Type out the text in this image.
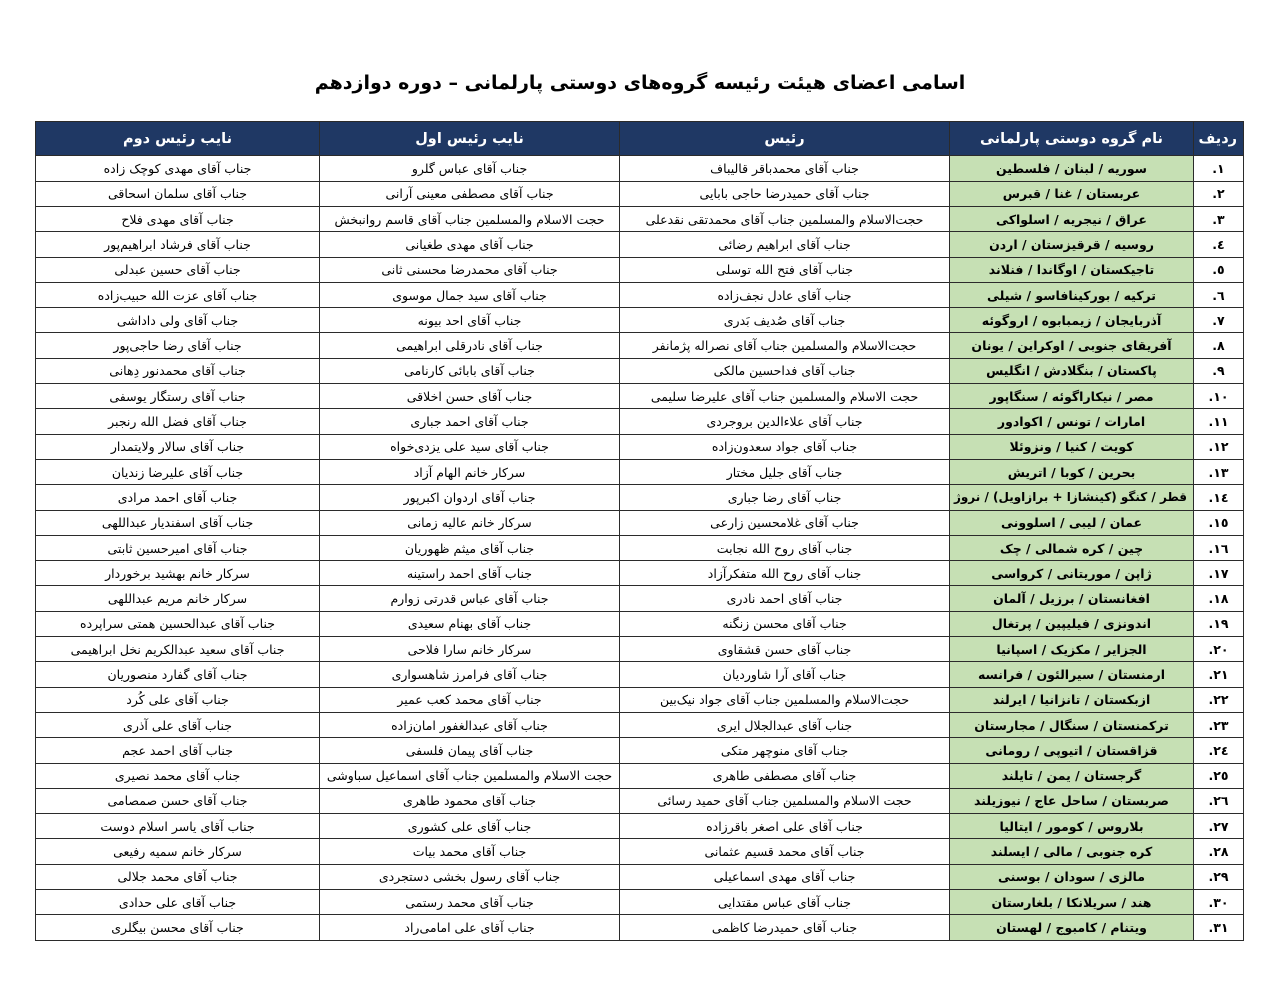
اسامی اعضای هیئت رئیسه گروه‌های دوستی پارلمانی – دوره دوازدهم
ردیف	نام گروه دوستی پارلمانی	رئیس	نایب رئیس اول	نایب رئیس دوم
۱.	سوریه / لبنان / فلسطین	جناب آقای محمدباقر قالیباف	جناب آقای عباس گلرو	جناب آقای مهدی کوچک زاده
۲.	عربستان / غنا / قبرس	جناب آقای حمیدرضا حاجی بابایی	جناب آقای مصطفی معینی آرانی	جناب آقای سلمان اسحاقی
۳.	عراق / نیجریه / اسلواکی	حجت‌الاسلام والمسلمین جناب آقای محمدتقی نقدعلی	حجت الاسلام والمسلمین جناب آقای قاسم روانبخش	جناب آقای مهدی فلاح
٤.	روسیه / قرقیزستان / اردن	جناب آقای ابراهیم رضائی	جناب آقای مهدی طغیانی	جناب آقای فرشاد ابراهیم‌پور
٥.	تاجیکستان / اوگاندا / فنلاند	جناب آقای فتح الله توسلی	جناب آقای محمدرضا محسنی ثانی	جناب آقای حسین عبدلی
٦.	ترکیه / بورکینافاسو / شیلی	جناب آقای عادل نجف‌زاده	جناب آقای سید جمال موسوی	جناب آقای عزت الله حبیب‌زاده
۷.	آذربایجان / زیمبابوه / اروگوئه	جناب آقای صُدیف بَدری	جناب آقای احد بیونه	جناب آقای ولی داداشی
۸.	آفریقای جنوبی / اوکراین / یونان	حجت‌الاسلام والمسلمین جناب آقای نصراله پژمانفر	جناب آقای نادرقلی ابراهیمی	جناب آقای رضا حاجی‌پور
۹.	پاکستان / بنگلادش / انگلیس	جناب آقای فداحسین مالکی	جناب آقای بابائی کارنامی	جناب آقای محمدنور دِهانی
۱۰.	مصر / نیکاراگوئه / سنگاپور	حجت الاسلام والمسلمین جناب آقای علیرضا سلیمی	جناب آقای حسن اخلاقی	جناب آقای رستگار یوسفی
۱۱.	امارات / تونس / اکوادور	جناب آقای علاءالدین بروجردی	جناب آقای احمد جباری	جناب آقای فضل الله رنجبر
۱۲.	کویت / کنیا / ونزوئلا	جناب آقای جواد سعدون‌زاده	جناب آقای سید علی یزدی‌خواه	جناب آقای سالار ولایتمدار
۱۳.	بحرین / کوبا / اتریش	جناب آقای جلیل مختار	سرکار خانم الهام آزاد	جناب آقای علیرضا زندیان
۱٤.	قطر / کنگو (کینشازا + برازاویل) / نروژ	جناب آقای رضا جباری	جناب آقای اردوان اکبرپور	جناب آقای احمد مرادی
۱٥.	عمان / لیبی / اسلوونی	جناب آقای غلامحسین زارعی	سرکار خانم عالیه زمانی	جناب آقای اسفندیار عبداللهی
۱٦.	چین / کره شمالی / چک	جناب آقای روح الله نجابت	جناب آقای میثم ظهوریان	جناب آقای امیرحسین ثابتی
۱۷.	ژاپن / موریتانی / کرواسی	جناب آقای روح الله متفکرآزاد	جناب آقای احمد راستینه	سرکار خانم بهشید برخوردار
۱۸.	افغانستان / برزیل / آلمان	جناب آقای احمد نادری	جناب آقای عباس قدرتی زوارم	سرکار خانم مریم عبداللهی
۱۹.	اندونزی / فیلیپین / پرتغال	جناب آقای محسن زنگنه	جناب آقای بهنام سعیدی	جناب آقای عبدالحسین همتی سراپرده
۲۰.	الجزایر / مکزیک / اسپانیا	جناب آقای حسن قشقاوی	سرکار خانم سارا فلاحی	جناب آقای سعید عبدالکریم نخل ابراهیمی
۲۱.	ارمنستان / سیرالئون / فرانسه	جناب آقای آرا شاوردیان	جناب آقای فرامرز شاهسواری	جناب آقای گفارد منصوریان
۲۲.	ازبکستان / تانزانیا / ایرلند	حجت‌الاسلام والمسلمین جناب آقای جواد نیک‌بین	جناب آقای محمد کعب عمیر	جناب آقای علی کُرد
۲۳.	ترکمنستان / سنگال / مجارستان	جناب آقای عبدالجلال ایری	جناب آقای عبدالغفور امان‌زاده	جناب آقای علی آذری
۲٤.	قزاقستان / اتیوپی / رومانی	جناب آقای منوچهر متکی	جناب آقای پیمان فلسفی	جناب آقای احمد عجم
۲٥.	گرجستان / یمن / تایلند	جناب آقای مصطفی طاهری	حجت الاسلام والمسلمین جناب آقای اسماعیل سباوشی	جناب آقای محمد نصیری
۲٦.	صربستان / ساحل عاج / نیوزیلند	حجت الاسلام والمسلمین جناب آقای حمید رسائی	جناب آقای محمود طاهری	جناب آقای حسن صمصامی
۲۷.	بلاروس / کومور / ایتالیا	جناب آقای علی اصغر باقرزاده	جناب آقای علی کشوری	جناب آقای یاسر اسلام دوست
۲۸.	کره جنوبی / مالی / ایسلند	جناب آقای محمد قسیم عثمانی	جناب آقای محمد بیات	سرکار خانم سمیه رفیعی
۲۹.	مالزی / سودان / بوسنی	جناب آقای مهدی اسماعیلی	جناب آقای رسول بخشی دستجردی	جناب آقای محمد جلالی
۳۰.	هند / سریلانکا / بلغارستان	جناب آقای عباس مقتدایی	جناب آقای محمد رستمی	جناب آقای علی حدادی
۳۱.	ویتنام / کامبوج / لهستان	جناب آقای حمیدرضا کاظمی	جناب آقای علی امامی‌راد	جناب آقای محسن بیگلری
